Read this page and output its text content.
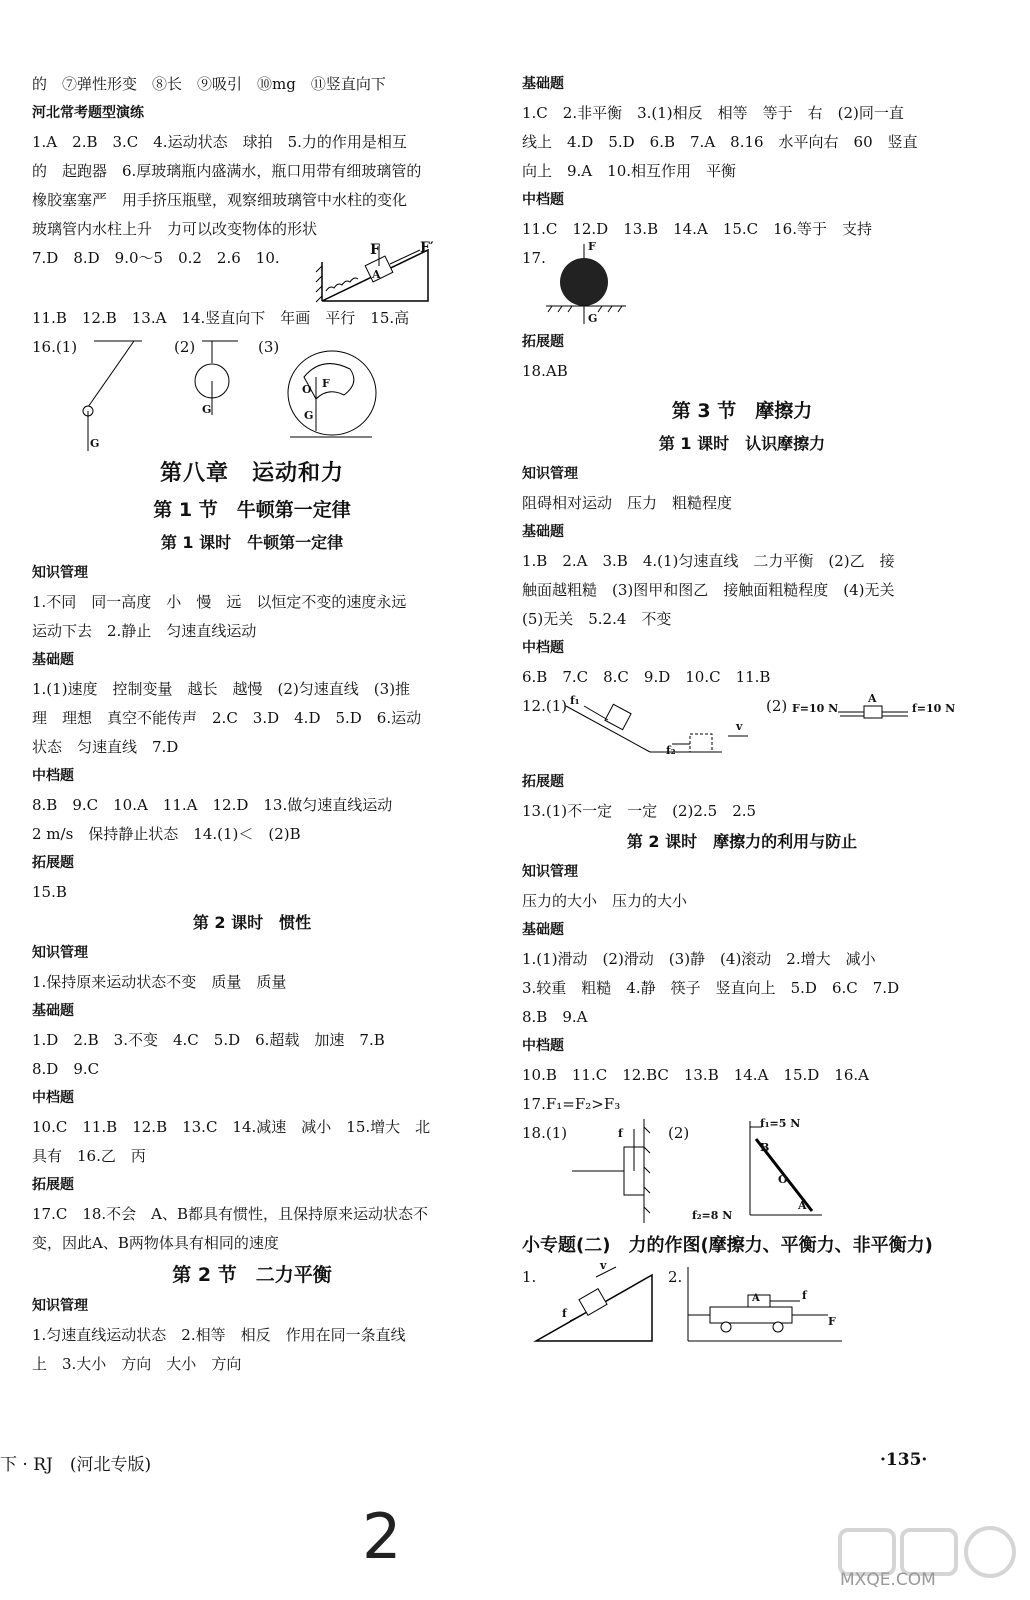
的　⑦弹性形变　⑧长　⑨吸引　⑩mg　⑪竖直向下
河北常考题型演练
1.A　2.B　3.C　4.运动状态　球拍　5.力的作用是相互
的　起跑器　6.厚玻璃瓶内盛满水，瓶口用带有细玻璃管的
橡胶塞塞严　用手挤压瓶壁，观察细玻璃管中水柱的变化
玻璃管内水柱上升　力可以改变物体的形状
7.D　8.D　9.0～5　0.2　2.6　10.	F	F′
A
11.B　12.B　13.A　14.竖直向下　年画　平行　15.高
16.(1)	(2)	(3)
G
G
O F
G
第八章　运动和力
第 1 节　牛顿第一定律
第 1 课时　牛顿第一定律
知识管理
1.不同　同一高度　小　慢　远　以恒定不变的速度永远
运动下去　2.静止　匀速直线运动
基础题
1.(1)速度　控制变量　越长　越慢　(2)匀速直线　(3)推
理　理想　真空不能传声　2.C　3.D　4.D　5.D　6.运动
状态　匀速直线　7.D
中档题
8.B　9.C　10.A　11.A　12.D　13.做匀速直线运动
2 m/s　保持静止状态　14.(1)＜　(2)B
拓展题
15.B
第 2 课时　惯性
知识管理
1.保持原来运动状态不变　质量　质量
基础题
1.D　2.B　3.不变　4.C　5.D　6.超载　加速　7.B
8.D　9.C
中档题
10.C　11.B　12.B　13.C　14.减速　减小　15.增大　北
具有　16.乙　丙
拓展题
17.C　18.不会　A、B都具有惯性，且保持原来运动状态不
变，因此A、B两物体具有相同的速度
第 2 节　二力平衡
知识管理
1.匀速直线运动状态　2.相等　相反　作用在同一条直线
上　3.大小　方向　大小　方向
基础题
1.C　2.非平衡　3.(1)相反　相等　等于　右　(2)同一直
线上　4.D　5.D　6.B　7.A　8.16　水平向右　60　竖直
向上　9.A　10.相互作用　平衡
中档题
11.C　12.D　13.B　14.A　15.C　16.等于　支持
17.
F
G
拓展题
18.AB
第 3 节　摩擦力
第 1 课时　认识摩擦力
知识管理
阻碍相对运动　压力　粗糙程度
基础题
1.B　2.A　3.B　4.(1)匀速直线　二力平衡　(2)乙　接
触面越粗糙　(3)图甲和图乙　接触面粗糙程度　(4)无关
(5)无关　5.2.4　不变
中档题
6.B　7.C　8.C　9.D　10.C　11.B
12.(1)	(2)
f₁
f₂
v
F=10 N	f=10 N
A
拓展题
13.(1)不一定　一定　(2)2.5　2.5
第 2 课时　摩擦力的利用与防止
知识管理
压力的大小　压力的大小
基础题
1.(1)滑动　(2)滑动　(3)静　(4)滚动　2.增大　减小
3.较重　粗糙　4.静　筷子　竖直向上　5.D　6.C　7.D
8.B　9.A
中档题
10.B　11.C　12.BC　13.B　14.A　15.D　16.A
17.F₁=F₂>F₃
18.(1)	(2)
f
f₁=5 N
B
O
A
f₂=8 N
小专题(二)　力的作图(摩擦力、平衡力、非平衡力)
1.	2.
v
f
A	f
F
下 · RJ　(河北专版)	·135·
2
MXQE.COM
